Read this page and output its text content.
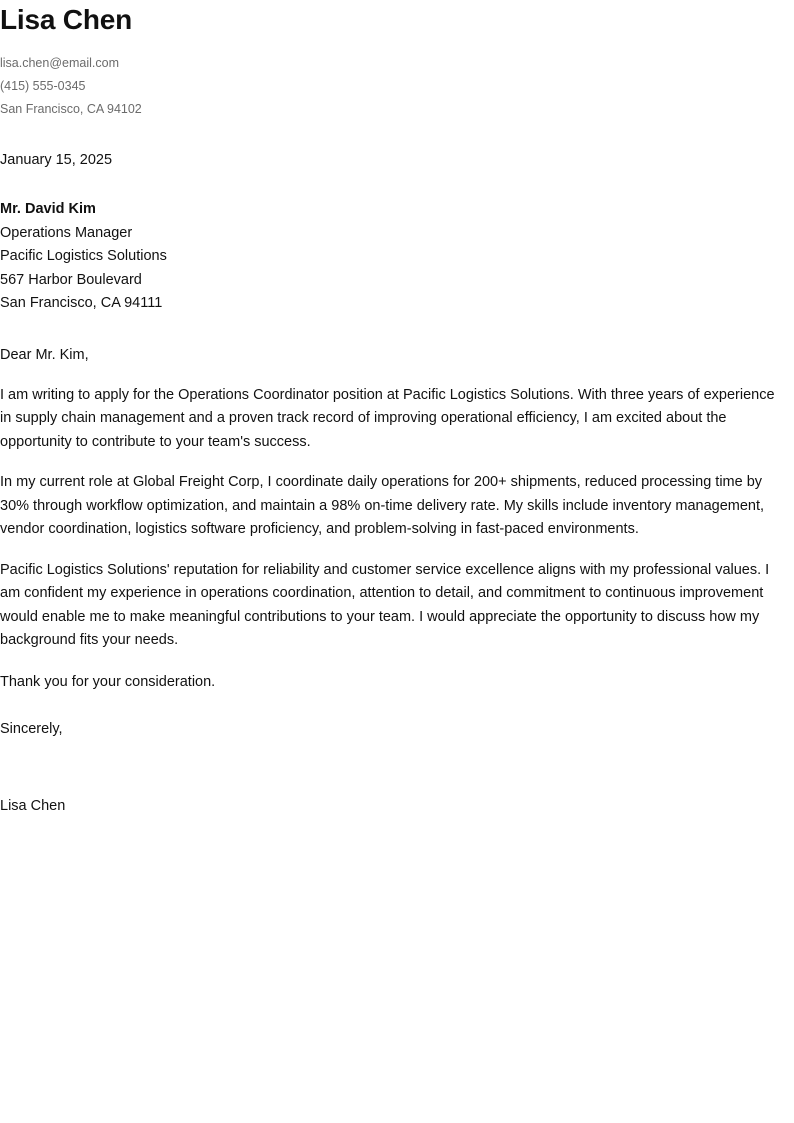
Lisa Chen
lisa.chen@email.com
(415) 555-0345
San Francisco, CA 94102
January 15, 2025
Mr. David Kim
Operations Manager
Pacific Logistics Solutions
567 Harbor Boulevard
San Francisco, CA 94111
Dear Mr. Kim,

I am writing to apply for the Operations Coordinator position at Pacific Logistics Solutions. With three years of experience in supply chain management and a proven track record of improving operational efficiency, I am excited about the opportunity to contribute to your team's success.

In my current role at Global Freight Corp, I coordinate daily operations for 200+ shipments, reduced processing time by 30% through workflow optimization, and maintain a 98% on-time delivery rate. My skills include inventory management, vendor coordination, logistics software proficiency, and problem-solving in fast-paced environments.

Pacific Logistics Solutions' reputation for reliability and customer service excellence aligns with my professional values. I am confident my experience in operations coordination, attention to detail, and commitment to continuous improvement would enable me to make meaningful contributions to your team. I would appreciate the opportunity to discuss how my background fits your needs.

Thank you for your consideration.
Sincerely,
Lisa Chen
